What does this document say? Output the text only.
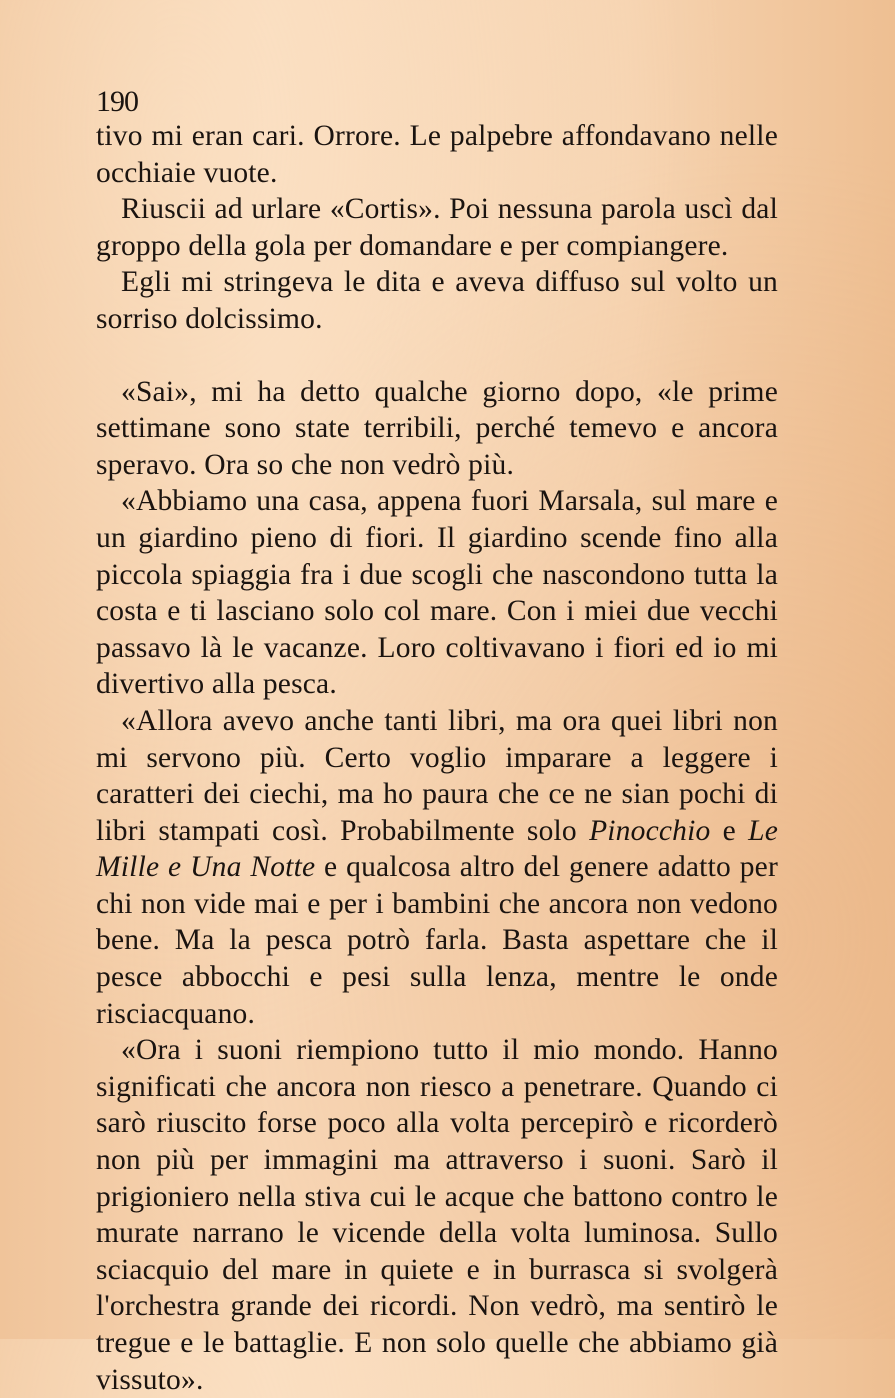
190

tivo mi eran cari. Orrore. Le palpebre affondavano nelle occhiaie vuote.

Riuscii ad urlare «Cortis». Poi nessuna parola uscì dal groppo della gola per domandare e per compiangere.

Egli mi stringeva le dita e aveva diffuso sul volto un sorriso dolcissimo.

«Sai», mi ha detto qualche giorno dopo, «le prime settimane sono state terribili, perché temevo e ancora speravo. Ora so che non vedrò più.

«Abbiamo una casa, appena fuori Marsala, sul mare e un giardino pieno di fiori. Il giardino scende fino alla piccola spiaggia fra i due scogli che nascondono tutta la costa e ti lasciano solo col mare. Con i miei due vecchi passavo là le vacanze. Loro coltivavano i fiori ed io mi divertivo alla pesca.

«Allora avevo anche tanti libri, ma ora quei libri non mi servono più. Certo voglio imparare a leggere i caratteri dei ciechi, ma ho paura che ce ne sian pochi di libri stampati così. Probabilmente solo Pinocchio e Le Mille e Una Notte e qualcosa altro del genere adatto per chi non vide mai e per i bambini che ancora non vedono bene. Ma la pesca potrò farla. Basta aspettare che il pesce abbocchi e pesi sulla lenza, mentre le onde risciacquano.

«Ora i suoni riempiono tutto il mio mondo. Hanno significati che ancora non riesco a penetrare. Quando ci sarò riuscito forse poco alla volta percepirò e ricorderò non più per immagini ma attraverso i suoni. Sarò il prigioniero nella stiva cui le acque che battono contro le murate narrano le vicende della volta luminosa. Sullo sciacquio del mare in quiete e in burrasca si svolgerà l'orchestra grande dei ricordi. Non vedrò, ma sentirò le tregue e le battaglie. E non solo quelle che abbiamo già vissuto».
